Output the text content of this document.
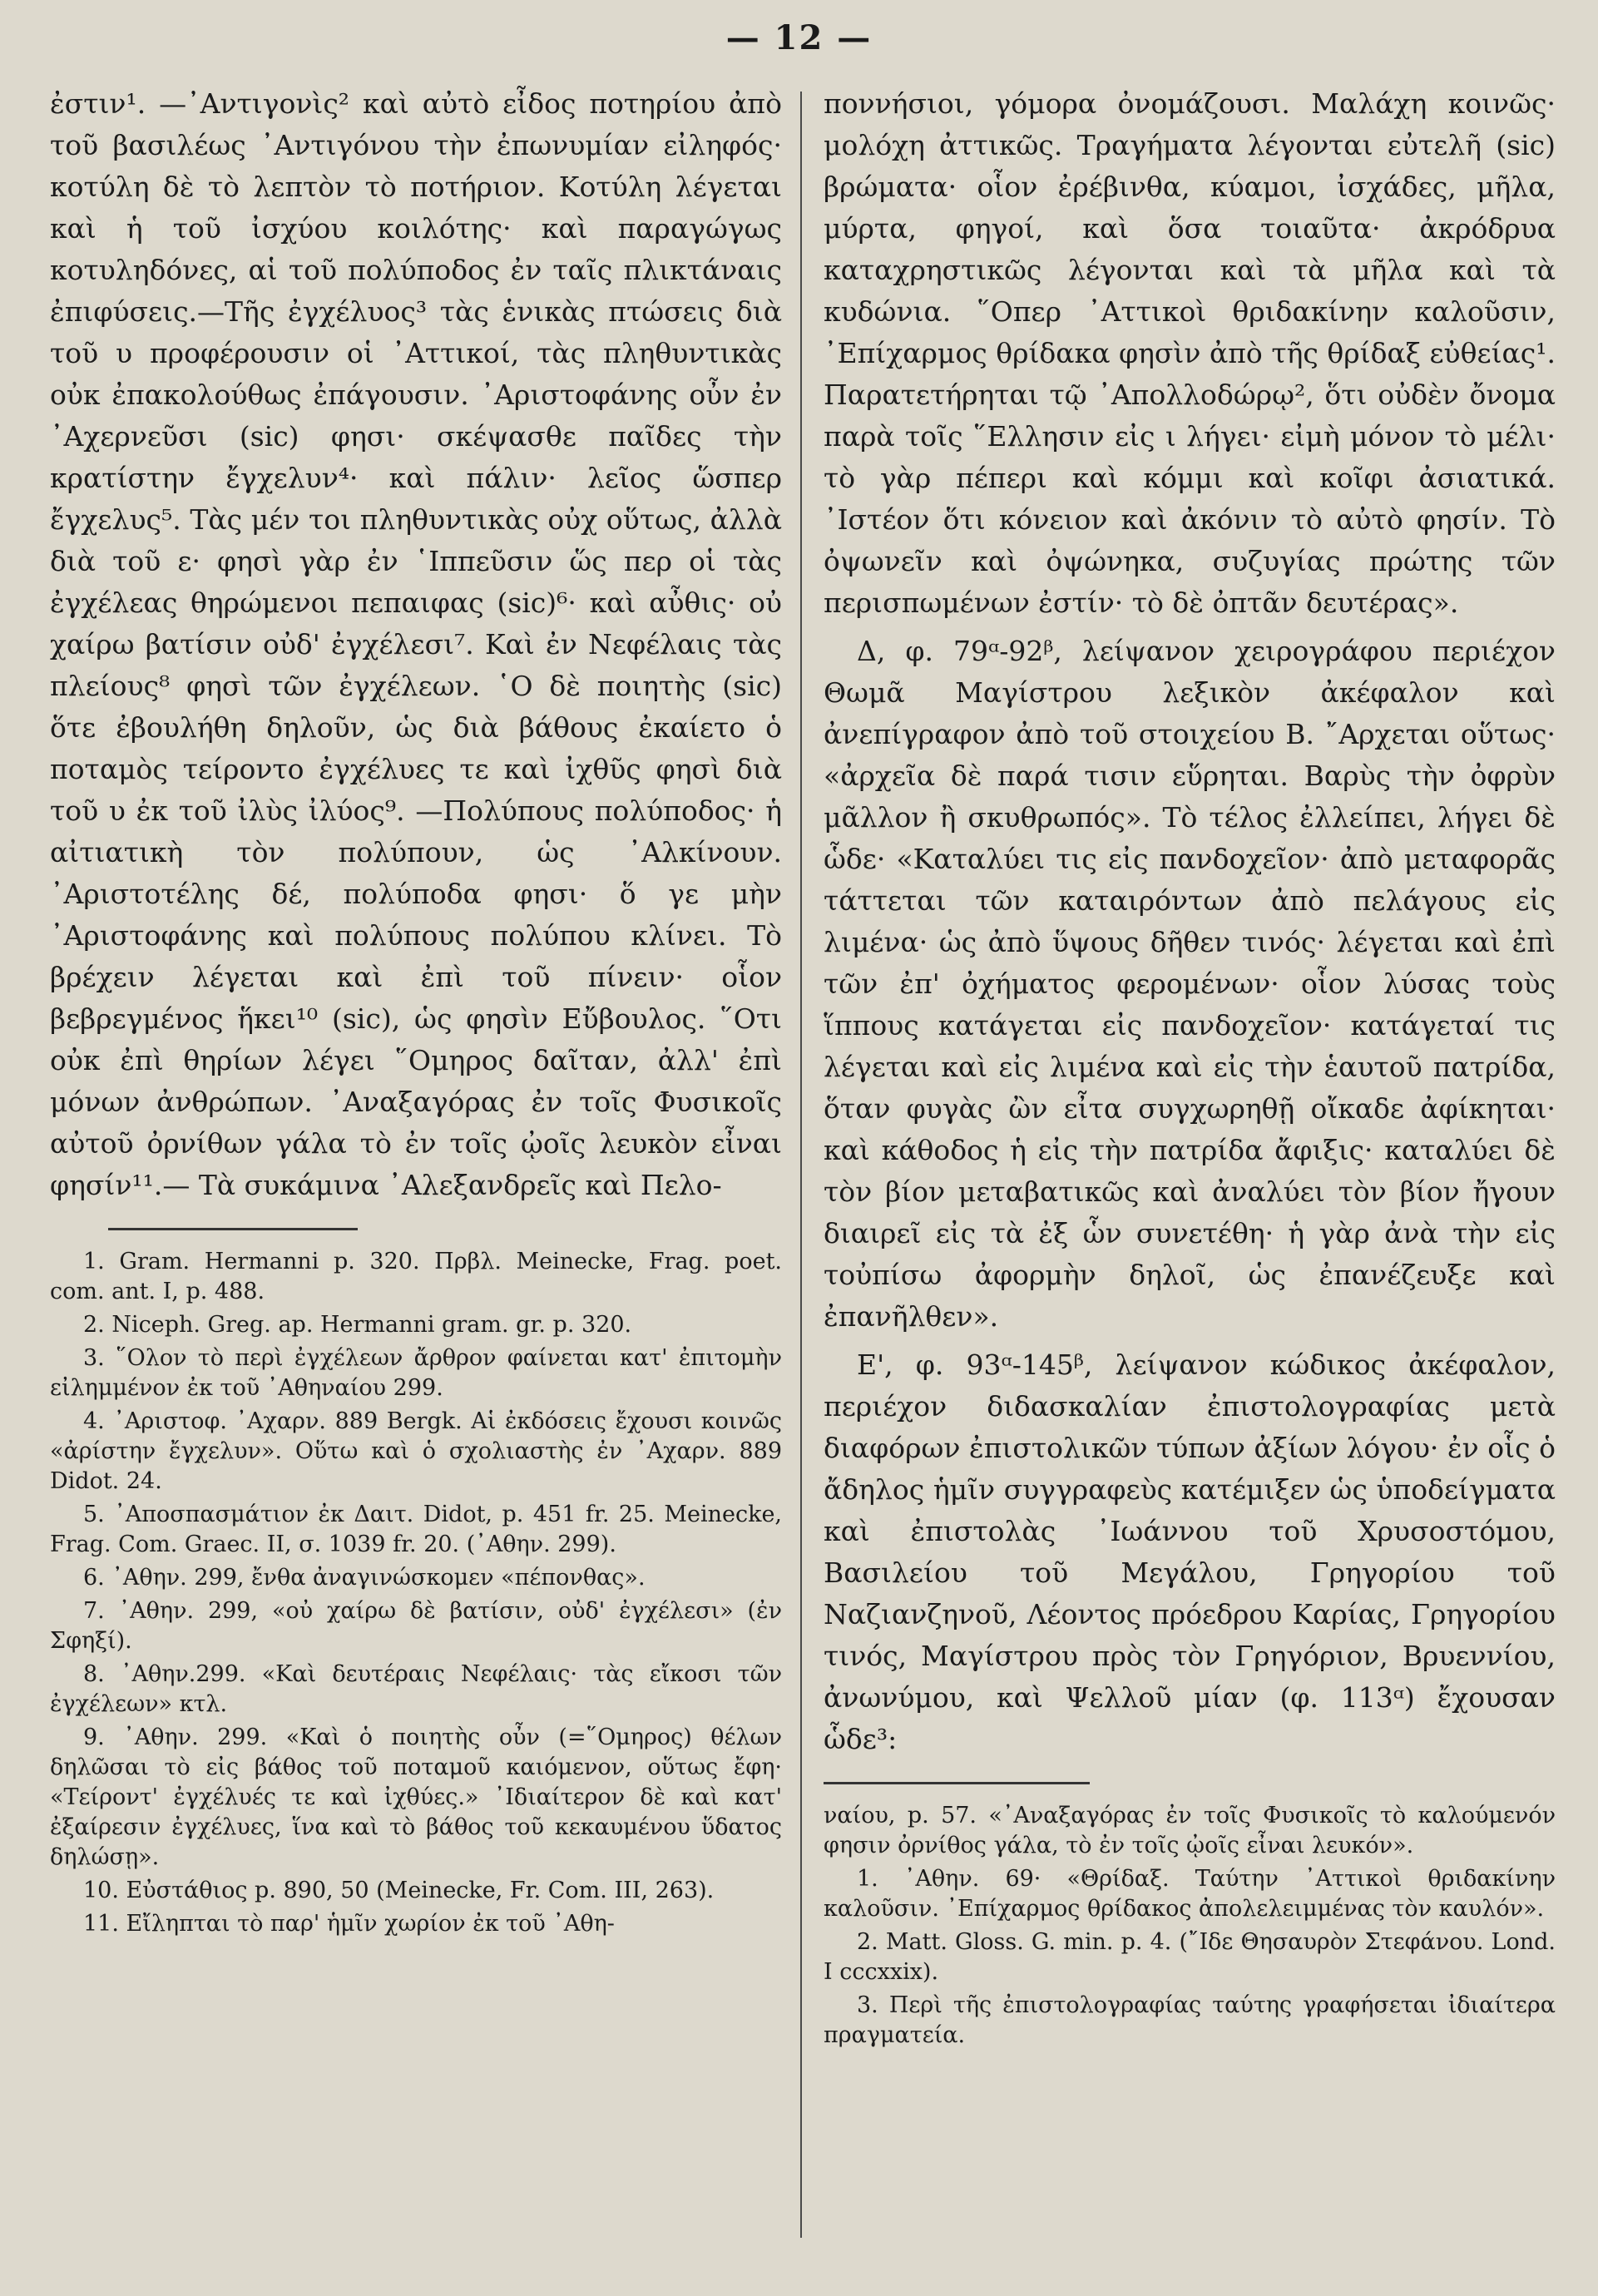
— 12 —

ἐστιν¹. —᾽Αντιγονὶς² καὶ αὐτὸ εἶδος ποτηρίου ἀπὸ τοῦ βασιλέως ᾽Αντιγόνου τὴν ἐπωνυμίαν εἰληφός· κοτύλη δὲ τὸ λεπτὸν τὸ ποτήριον. Κοτύλη λέγεται καὶ ἡ τοῦ ἰσχύου κοιλότης· καὶ παραγώγως κοτυληδόνες, αἱ τοῦ πολύποδος ἐν ταῖς πλικτάναις ἐπιφύσεις.—Τῆς ἐγχέλυος³ τὰς ἑνικὰς πτώσεις διὰ τοῦ υ προφέρουσιν οἱ ᾽Αττικοί, τὰς πληθυντικὰς οὐκ ἐπακολούθως ἐπάγουσιν. ᾽Αριστοφάνης οὖν ἐν ᾽Αχερνεῦσι (sic) φησι· σκέψασθε παῖδες τὴν κρατίστην ἔγχελυν⁴· καὶ πάλιν· λεῖος ὥσπερ ἔγχελυς⁵. Τὰς μέν τοι πληθυντικὰς οὐχ οὕτως, ἀλλὰ διὰ τοῦ ε· φησὶ γὰρ ἐν ῾Ιππεῦσιν ὥς περ οἱ τὰς ἐγχέλεας θηρώμενοι πεπαιφας (sic)⁶· καὶ αὖθις· οὐ χαίρω βατίσιν οὐδ' ἐγχέλεσι⁷. Καὶ ἐν Νεφέλαις τὰς πλείους⁸ φησὶ τῶν ἐγχέλεων. ῾Ο δὲ ποιητὴς (sic) ὅτε ἐβουλήθη δηλοῦν, ὡς διὰ βάθους ἐκαίετο ὁ ποταμὸς τείροντο ἐγχέλυες τε καὶ ἰχθῦς φησὶ διὰ τοῦ υ ἐκ τοῦ ἰλὺς ἰλύος⁹. —Πολύπους πολύποδος· ἡ αἰτιατικὴ τὸν πολύπουν, ὡς ᾽Αλκίνουν. ᾽Αριστοτέλης δέ, πολύποδα φησι· ὅ γε μὴν ᾽Αριστοφάνης καὶ πολύπους πολύπου κλίνει. Τὸ βρέχειν λέγεται καὶ ἐπὶ τοῦ πίνειν· οἷον βεβρεγμένος ἥκει¹⁰ (sic), ὡς φησὶν Εὔβουλος. ῞Οτι οὐκ ἐπὶ θηρίων λέγει ῞Ομηρος δαῖταν, ἀλλ' ἐπὶ μόνων ἀνθρώπων. ᾽Αναξαγόρας ἐν τοῖς Φυσικοῖς αὐτοῦ ὀρνίθων γάλα τὸ ἐν τοῖς ᾠοῖς λευκὸν εἶναι φησίν¹¹.— Τὰ συκάμινα ᾽Αλεξανδρεῖς καὶ Πελο-

1. Gram. Hermanni p. 320. Πρβλ. Meinecke, Frag. poet. com. ant. I, p. 488.

2. Niceph. Greg. ap. Hermanni gram. gr. p. 320.

3. ῞Ολον τὸ περὶ ἐγχέλεων ἄρθρον φαίνεται κατ' ἐπιτομὴν εἰλημμένον ἐκ τοῦ ᾽Αθηναίου 299.

4. ᾽Αριστοφ. ᾽Αχαρν. 889 Bergk. Αἱ ἐκδόσεις ἔχουσι κοινῶς «ἀρίστην ἔγχελυν». Οὕτω καὶ ὁ σχολιαστὴς ἐν ᾽Αχαρν. 889 Didot. 24.

5. ᾽Αποσπασμάτιον ἐκ Δαιτ. Didot, p. 451 fr. 25. Meinecke, Frag. Com. Graec. II, σ. 1039 fr. 20. (᾽Αθην. 299).

6. ᾽Αθην. 299, ἔνθα ἀναγινώσκομεν «πέπονθας».

7. ᾽Αθην. 299, «οὐ χαίρω δὲ βατίσιν, οὐδ' ἐγχέλεσι» (ἐν Σφηξί).

8. ᾽Αθην.299. «Καὶ δευτέραις Νεφέλαις· τὰς εἴκοσι τῶν ἐγχέλεων» κτλ.

9. ᾽Αθην. 299. «Καὶ ὁ ποιητὴς οὖν (=῞Ομηρος) θέλων δηλῶσαι τὸ εἰς βάθος τοῦ ποταμοῦ καιόμενον, οὕτως ἔφη· «Τείροντ' ἐγχέλυές τε καὶ ἰχθύες.» ᾽Ιδιαίτερον δὲ καὶ κατ' ἐξαίρεσιν ἐγχέλυες, ἵνα καὶ τὸ βάθος τοῦ κεκαυμένου ὕδατος δηλώσῃ».

10. Εὐστάθιος p. 890, 50 (Meinecke, Fr. Com. III, 263).

11. Εἴληπται τὸ παρ' ἡμῖν χωρίον ἐκ τοῦ ᾽Αθη-

ποννήσιοι, γόμορα ὀνομάζουσι. Μαλάχη κοινῶς· μολόχη ἀττικῶς. Τραγήματα λέγονται εὐτελῆ (sic) βρώματα· οἷον ἐρέβινθα, κύαμοι, ἰσχάδες, μῆλα, μύρτα, φηγοί, καὶ ὅσα τοιαῦτα· ἀκρόδρυα καταχρηστικῶς λέγονται καὶ τὰ μῆλα καὶ τὰ κυδώνια. ῞Οπερ ᾽Αττικοὶ θριδακίνην καλοῦσιν, ᾽Επίχαρμος θρίδακα φησὶν ἀπὸ τῆς θρίδαξ εὐθείας¹. Παρατετήρηται τῷ ᾽Απολλοδώρῳ², ὅτι οὐδὲν ὄνομα παρὰ τοῖς ῞Ελλησιν εἰς ι λήγει· εἰμὴ μόνον τὸ μέλι· τὸ γὰρ πέπερι καὶ κόμμι καὶ κοῖφι ἀσιατικά. ᾽Ιστέον ὅτι κόνειον καὶ ἀκόνιν τὸ αὐτὸ φησίν. Τὸ ὀψωνεῖν καὶ ὀψώνηκα, συζυγίας πρώτης τῶν περισπωμένων ἐστίν· τὸ δὲ ὀπτᾶν δευτέρας».

Δ, φ. 79ᵅ-92ᵝ, λείψανον χειρογράφου περιέχον Θωμᾶ Μαγίστρου λεξικὸν ἀκέφαλον καὶ ἀνεπίγραφον ἀπὸ τοῦ στοιχείου Β. ῎Αρχεται οὕτως· «ἀρχεῖα δὲ παρά τισιν εὕρηται. Βαρὺς τὴν ὀφρὺν μᾶλλον ἢ σκυθρωπός». Τὸ τέλος ἐλλείπει, λήγει δὲ ὧδε· «Καταλύει τις εἰς πανδοχεῖον· ἀπὸ μεταφορᾶς τάττεται τῶν καταιρόντων ἀπὸ πελάγους εἰς λιμένα· ὡς ἀπὸ ὕψους δῆθεν τινός· λέγεται καὶ ἐπὶ τῶν ἐπ' ὀχήματος φερομένων· οἷον λύσας τοὺς ἵππους κατάγεται εἰς πανδοχεῖον· κατάγεταί τις λέγεται καὶ εἰς λιμένα καὶ εἰς τὴν ἑαυτοῦ πατρίδα, ὅταν φυγὰς ὢν εἶτα συγχωρηθῇ οἴκαδε ἀφίκηται· καὶ κάθοδος ἡ εἰς τὴν πατρίδα ἄφιξις· καταλύει δὲ τὸν βίον μεταβατικῶς καὶ ἀναλύει τὸν βίον ἤγουν διαιρεῖ εἰς τὰ ἐξ ὧν συνετέθη· ἡ γὰρ ἀνὰ τὴν εἰς τοὐπίσω ἀφορμὴν δηλοῖ, ὡς ἐπανέζευξε καὶ ἐπανῆλθεν».

Ε', φ. 93ᵅ-145ᵝ, λείψανον κώδικος ἀκέφαλον, περιέχον διδασκαλίαν ἐπιστολογραφίας μετὰ διαφόρων ἐπιστολικῶν τύπων ἀξίων λόγου· ἐν οἷς ὁ ἄδηλος ἡμῖν συγγραφεὺς κατέμιξεν ὡς ὑποδείγματα καὶ ἐπιστολὰς ᾽Ιωάννου τοῦ Χρυσοστόμου, Βασιλείου τοῦ Μεγάλου, Γρηγορίου τοῦ Ναζιανζηνοῦ, Λέοντος πρόεδρου Καρίας, Γρηγορίου τινός, Μαγίστρου πρὸς τὸν Γρηγόριον, Βρυεννίου, ἀνωνύμου, καὶ Ψελλοῦ μίαν (φ. 113ᵅ) ἔχουσαν ὧδε³:

ναίου, p. 57. «᾽Αναξαγόρας ἐν τοῖς Φυσικοῖς τὸ καλούμενόν φησιν ὀρνίθος γάλα, τὸ ἐν τοῖς ᾠοῖς εἶναι λευκόν».

1. ᾽Αθην. 69· «Θρίδαξ. Ταύτην ᾽Αττικοὶ θριδακίνην καλοῦσιν. ᾽Επίχαρμος θρίδακος ἀπολελειμμένας τὸν καυλόν».

2. Matt. Gloss. G. min. p. 4. (῎Ιδε Θησαυρὸν Στεφάνου. Lond. I cccxxix).

3. Περὶ τῆς ἐπιστολογραφίας ταύτης γραφήσεται ἰδιαίτερα πραγματεία.
